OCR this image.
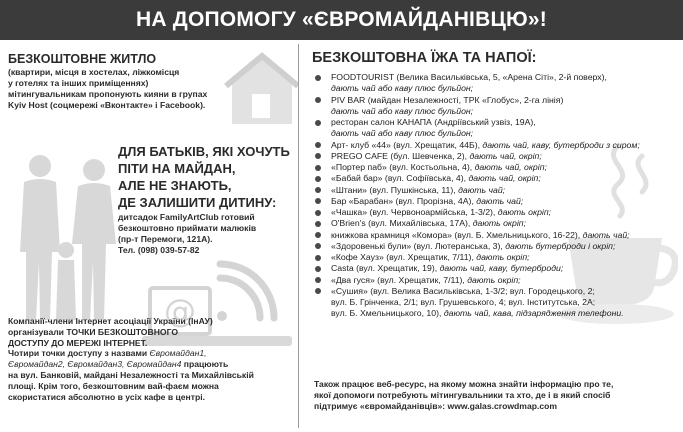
НА ДОПОМОГУ «ЄВРОМАЙДАНІВЦЮ»!
@
БЕЗКОШТОВНЕ ЖИТЛО
(квартири, місця в хостелах, ліжкомісця
у готелях та інших приміщеннях)
мітингувальникам пропонують кияни в групах
Kyiv Host (соцмережі «Вконтакте» і Facebook).
ДЛЯ БАТЬКІВ, ЯКІ ХОЧУТЬ
ПІТИ НА МАЙДАН,
АЛЕ НЕ ЗНАЮТЬ,
ДЕ ЗАЛИШИТИ ДИТИНУ:
дитсадок FamilyArtClub готовий
безкоштовно приймати малюків
(пр-т Перемоги, 121А).
Тел. (098) 039-57-82
Компанії-члени Інтернет асоціації України (ІнАУ)
організували ТОЧКИ БЕЗКОШТОВНОГО
ДОСТУПУ ДО МЕРЕЖІ ІНТЕРНЕТ.
Чотири точки доступу з назвами Євромайдан1,
Євромайдан2, Євромайдан3, Євромайдан4 працюють
на вул. Банковій, майдані Незалежності та Михайлівській
площі. Крім того, безкоштовним вай-фаєм можна
скористатися абсолютно в усіх кафе в центрі.
БЕЗКОШТОВНА ЇЖА ТА НАПОЇ:
FOODTOURIST (Велика Васильківська, 5, «Арена Сіті», 2-й поверх),
дають чай або каву плюс бульйон;
PIV BAR (майдан Незалежності, ТРК «Глобус», 2-га лінія)
дають чай або каву плюс бульйон;
ресторан салон КАНАПА (Андріївський узвіз, 19А),
дають чай або каву плюс бульйон;
Арт- клуб «44» (вул. Хрещатик, 44Б), дають чай, каву, бутерброди з сиром;
PREGO CAFE (бул. Шевченка, 2), дають чай, окріп;
«Портер паб» (вул. Костьольна, 4), дають чай, окріп;
«Бабай бар» (вул. Софіївська, 4), дають чай, окріп;
«Штани» (вул. Пушкінська, 11), дають чай;
Бар «Барабан» (вул. Прорізна, 4А), дають чай;
«Чашка» (вул. Червоноармійська, 1-3/2), дають окріп;
O'Brien's (вул. Михайлівська, 17А), дають окріп;
книжкова крамниця «Комора» (вул. Б. Хмельницького, 16-22), дають чай;
«Здоровенькі були» (вул. Лютеранська, 3), дають бутерброди і окріп;
«Кофе Хауз» (вул. Хрещатик, 7/11), дають окріп;
Casta (вул. Хрещатик, 19), дають чай, каву, бутерброди;
«Два гуся» (вул. Хрещатик, 7/11), дають окріп;
«Сушия» (вул. Велика Васильківська, 1-3/2; вул. Городецького, 2;
вул. Б. Грінченка, 2/1; вул. Грушевського, 4; вул. Інститутська, 2А;
вул. Б. Хмельницького, 10), дають чай, кава, підзарядження телефони.
Також працює веб-ресурс, на якому можна знайти інформацію про те,
якої допомоги потребують мітингувальники та хто, де і в який спосіб
підтримує «євромайданівців»: www.galas.crowdmap.com
